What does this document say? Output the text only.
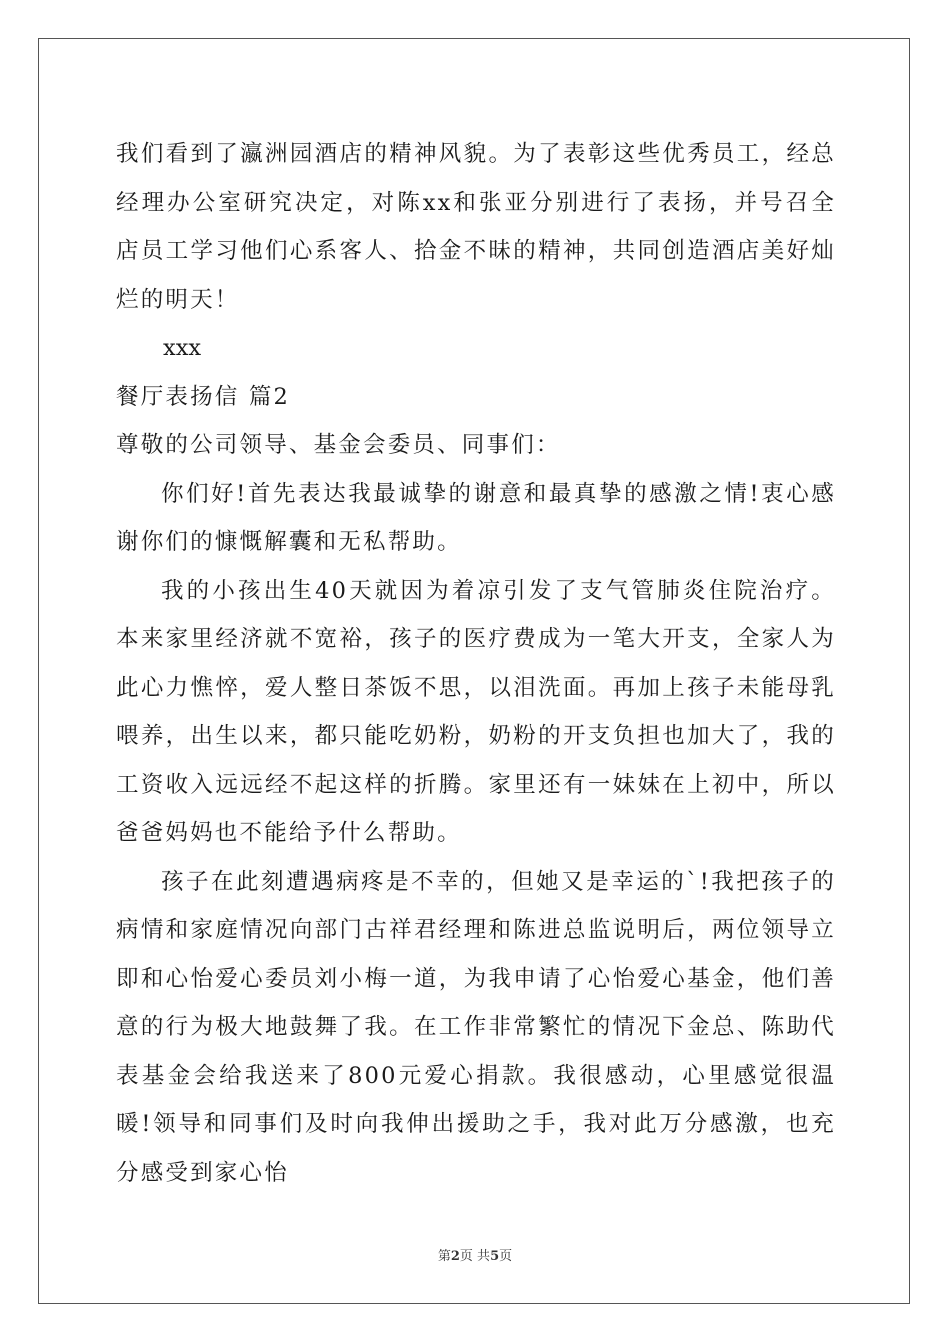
我们看到了瀛洲园酒店的精神风貌。为了表彰这些优秀员工，经总经理办公室研究决定，对陈xx和张亚分别进行了表扬，并号召全店员工学习他们心系客人、拾金不昧的精神，共同创造酒店美好灿烂的明天！

xxx

餐厅表扬信 篇2

尊敬的公司领导、基金会委员、同事们：

你们好!首先表达我最诚挚的谢意和最真挚的感激之情!衷心感谢你们的慷慨解囊和无私帮助。

我的小孩出生40天就因为着凉引发了支气管肺炎住院治疗。本来家里经济就不宽裕，孩子的医疗费成为一笔大开支，全家人为此心力憔悴，爱人整日茶饭不思，以泪洗面。再加上孩子未能母乳喂养，出生以来，都只能吃奶粉，奶粉的开支负担也加大了，我的工资收入远远经不起这样的折腾。家里还有一妹妹在上初中，所以爸爸妈妈也不能给予什么帮助。

孩子在此刻遭遇病疼是不幸的，但她又是幸运的`!我把孩子的病情和家庭情况向部门古祥君经理和陈进总监说明后，两位领导立即和心怡爱心委员刘小梅一道，为我申请了心怡爱心基金，他们善意的行为极大地鼓舞了我。在工作非常繁忙的情况下金总、陈助代表基金会给我送来了800元爱心捐款。我很感动，心里感觉很温暖!领导和同事们及时向我伸出援助之手，我对此万分感激，也充分感受到家心怡

第2页 共5页
